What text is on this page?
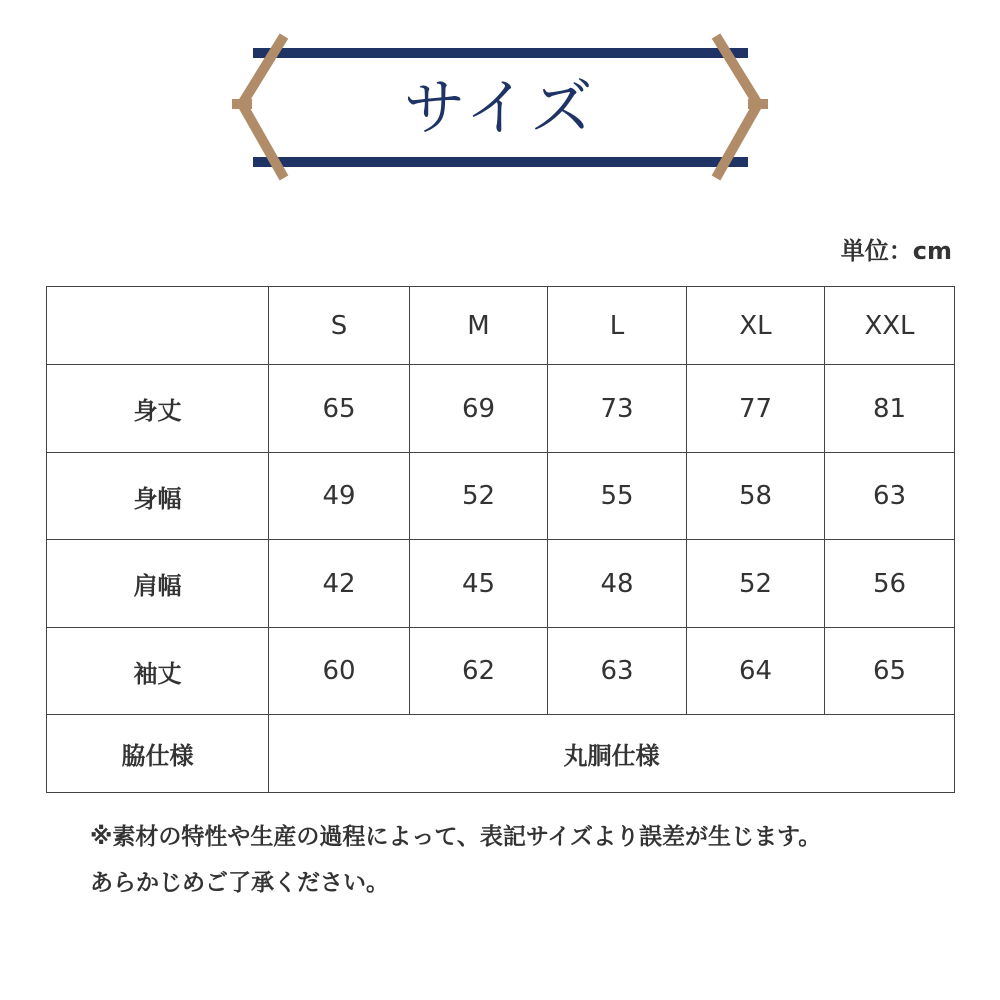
サイズ
単位：cm
	S	M	L	XL	XXL
身丈	65	69	73	77	81
身幅	49	52	55	58	63
肩幅	42	45	48	52	56
袖丈	60	62	63	64	65
脇仕様	丸胴仕様				
※素材の特性や生産の過程によって、表記サイズより誤差が生じます。
あらかじめご了承ください。
